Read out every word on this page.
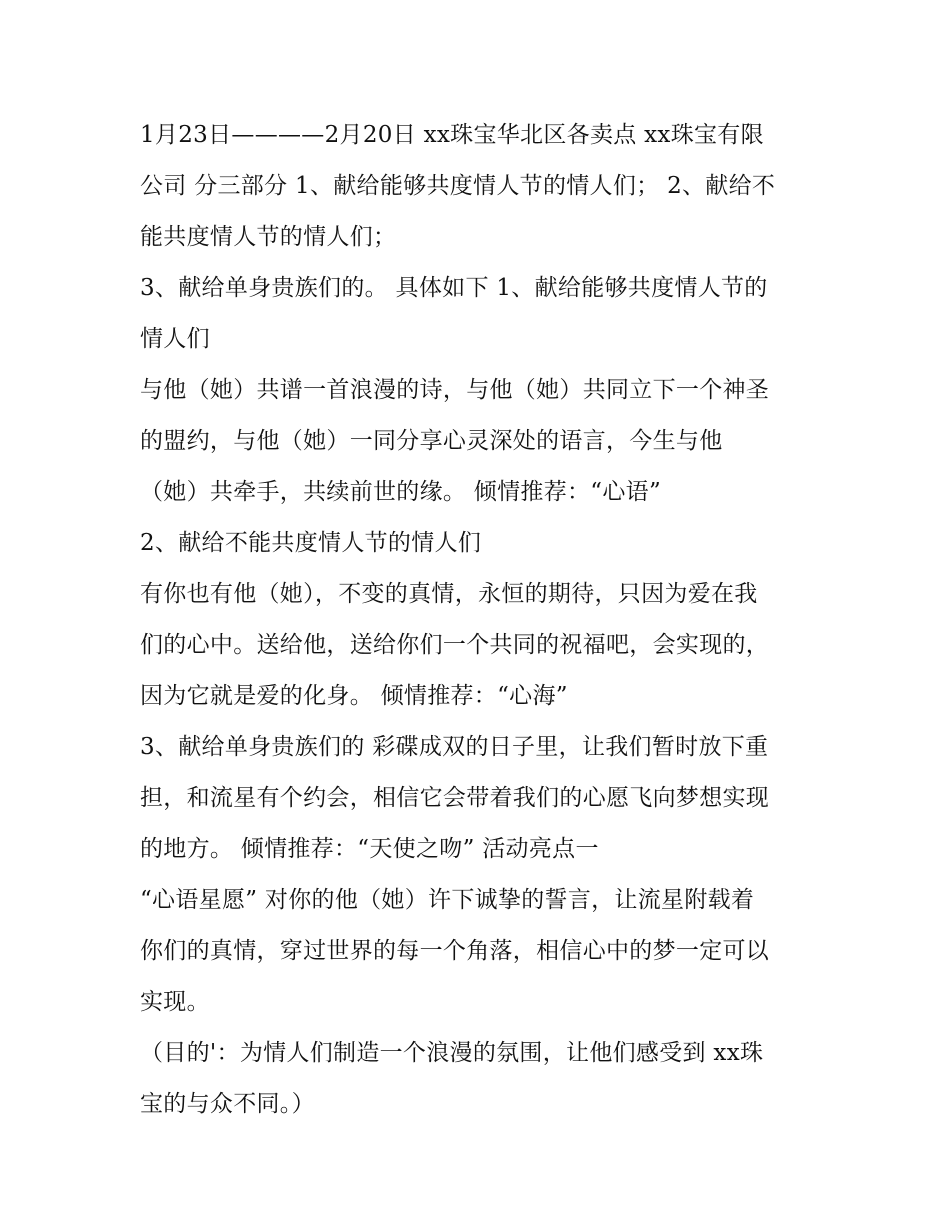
1月23日————2月20日 xx珠宝华北区各卖点 xx珠宝有限
公司 分三部分 1、献给能够共度情人节的情人们； 2、献给不
能共度情人节的情人们；
3、献给单身贵族们的。 具体如下 1、献给能够共度情人节的
情人们
与他（她）共谱一首浪漫的诗，与他（她）共同立下一个神圣
的盟约，与他（她）一同分享心灵深处的语言，今生与他
（她）共牵手，共续前世的缘。 倾情推荐：“心语”
2、献给不能共度情人节的情人们
有你也有他（她），不变的真情，永恒的期待，只因为爱在我
们的心中。送给他，送给你们一个共同的祝福吧，会实现的，
因为它就是爱的化身。 倾情推荐：“心海”
3、献给单身贵族们的 彩碟成双的日子里，让我们暂时放下重
担，和流星有个约会，相信它会带着我们的心愿飞向梦想实现
的地方。 倾情推荐：“天使之吻” 活动亮点一
“心语星愿” 对你的他（她）许下诚挚的誓言，让流星附载着
你们的真情，穿过世界的每一个角落，相信心中的梦一定可以
实现。
（目的'：为情人们制造一个浪漫的氛围，让他们感受到 xx珠
宝的与众不同。）
